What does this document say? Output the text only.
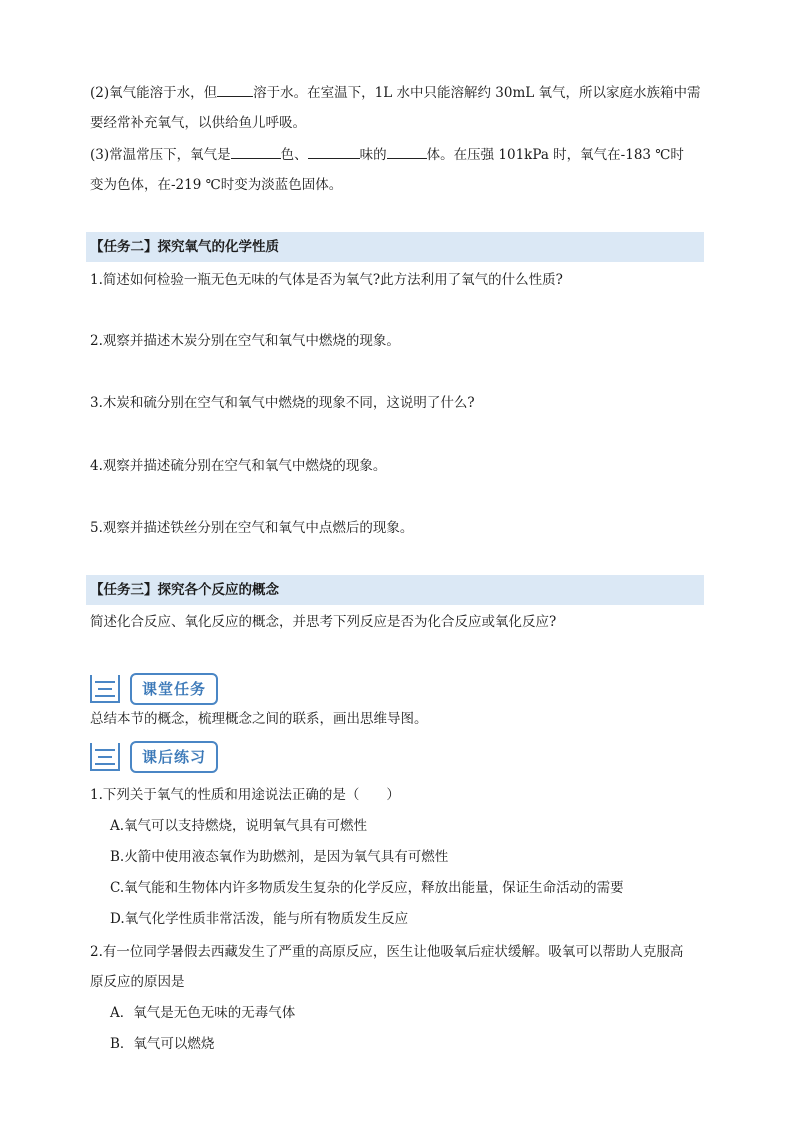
(2)氧气能溶于水，但	溶于水。在室温下，1L 水中只能溶解约 30mL 氧气，所以家庭水族箱中需
要经常补充氧气，以供给鱼儿呼吸。
(3)常温常压下，氧气是	色、	味的	体。在压强 101kPa 时，氧气在-183 ℃时
变为色体，在-219 ℃时变为淡蓝色固体。
【任务二】探究氧气的化学性质
1.简述如何检验一瓶无色无味的气体是否为氧气?此方法利用了氧气的什么性质?
2.观察并描述木炭分别在空气和氧气中燃烧的现象。
3.木炭和硫分别在空气和氧气中燃烧的现象不同，这说明了什么?
4.观察并描述硫分别在空气和氧气中燃烧的现象。
5.观察并描述铁丝分别在空气和氧气中点燃后的现象。
【任务三】探究各个反应的概念
简述化合反应、氧化反应的概念，并思考下列反应是否为化合反应或氧化反应?
课堂任务
总结本节的概念，梳理概念之间的联系，画出思维导图。
课后练习
1.下列关于氧气的性质和用途说法正确的是（　　）
A.氧气可以支持燃烧，说明氧气具有可燃性
B.火箭中使用液态氧作为助燃剂，是因为氧气具有可燃性
C.氧气能和生物体内许多物质发生复杂的化学反应，释放出能量，保证生命活动的需要
D.氧气化学性质非常活泼，能与所有物质发生反应
2.有一位同学暑假去西藏发生了严重的高原反应，医生让他吸氧后症状缓解。吸氧可以帮助人克服高
原反应的原因是
A．氧气是无色无味的无毒气体
B．氧气可以燃烧
